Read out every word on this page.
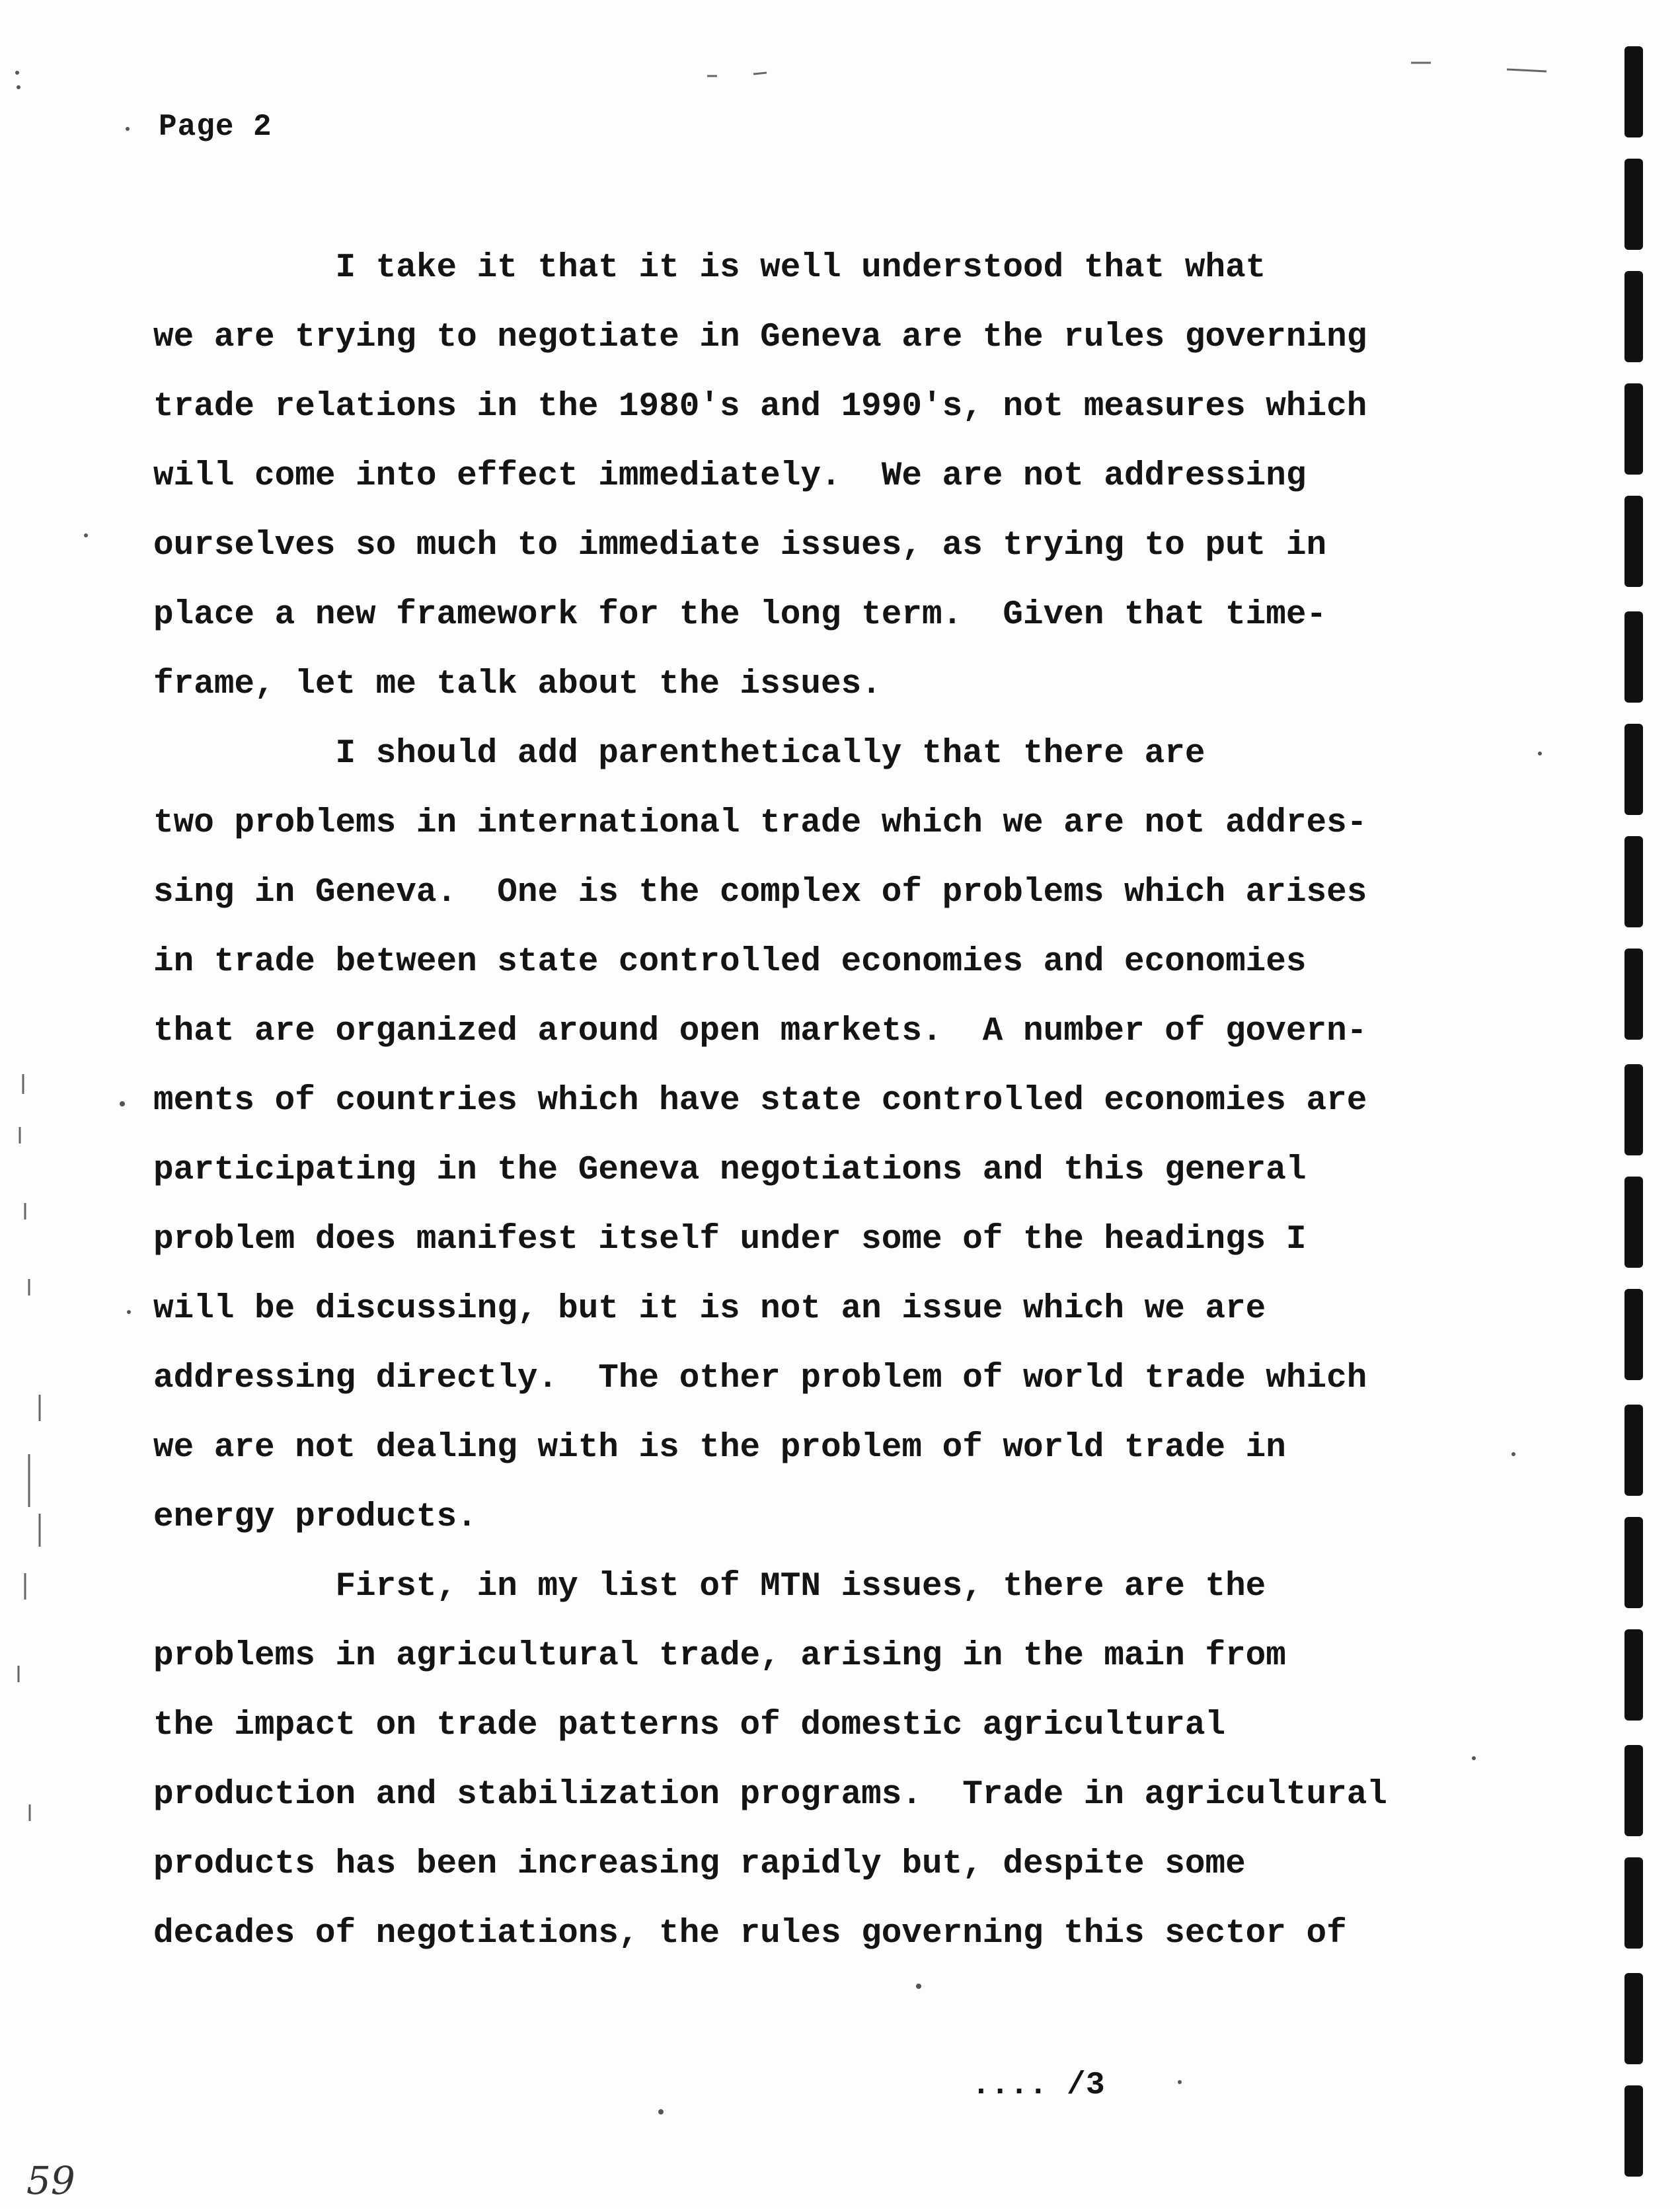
Page 2
I take it that it is well understood that what
we are trying to negotiate in Geneva are the rules governing
trade relations in the 1980's and 1990's, not measures which
will come into effect immediately.  We are not addressing
ourselves so much to immediate issues, as trying to put in
place a new framework for the long term.  Given that time-
frame, let me talk about the issues.
I should add parenthetically that there are
two problems in international trade which we are not addres-
sing in Geneva.  One is the complex of problems which arises
in trade between state controlled economies and economies
that are organized around open markets.  A number of govern-
ments of countries which have state controlled economies are
participating in the Geneva negotiations and this general
problem does manifest itself under some of the headings I
will be discussing, but it is not an issue which we are
addressing directly.  The other problem of world trade which
we are not dealing with is the problem of world trade in
energy products.
First, in my list of MTN issues, there are the
problems in agricultural trade, arising in the main from
the impact on trade patterns of domestic agricultural
production and stabilization programs.  Trade in agricultural
products has been increasing rapidly but, despite some
decades of negotiations, the rules governing this sector of
.... /3
59
